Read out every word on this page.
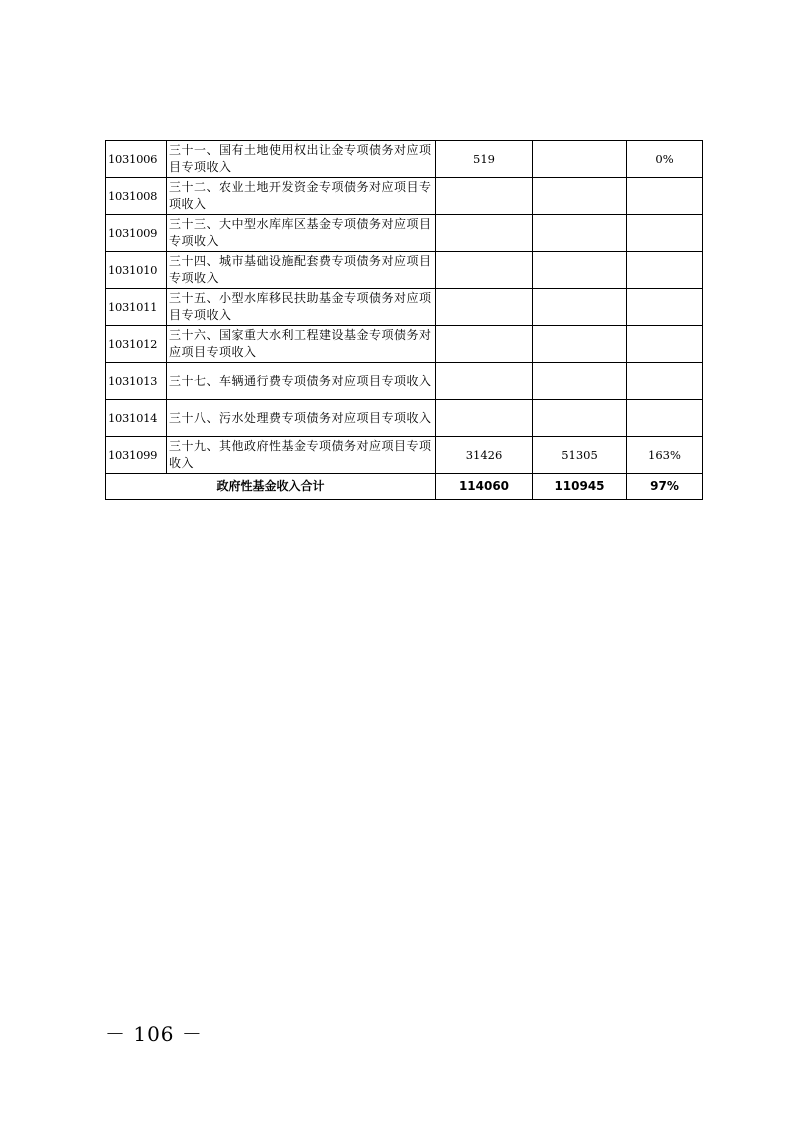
1031006	三十一、国有土地使用权出让金专项债务对应项目专项收入	519		0%
1031008	三十二、农业土地开发资金专项债务对应项目专项收入			
1031009	三十三、大中型水库库区基金专项债务对应项目专项收入			
1031010	三十四、城市基础设施配套费专项债务对应项目专项收入			
1031011	三十五、小型水库移民扶助基金专项债务对应项目专项收入			
1031012	三十六、国家重大水利工程建设基金专项债务对应项目专项收入			
1031013	三十七、车辆通行费专项债务对应项目专项收入			
1031014	三十八、污水处理费专项债务对应项目专项收入			
1031099	三十九、其他政府性基金专项债务对应项目专项收入	31426	51305	163%
政府性基金收入合计		114060	110945	97%
－ 106 －
